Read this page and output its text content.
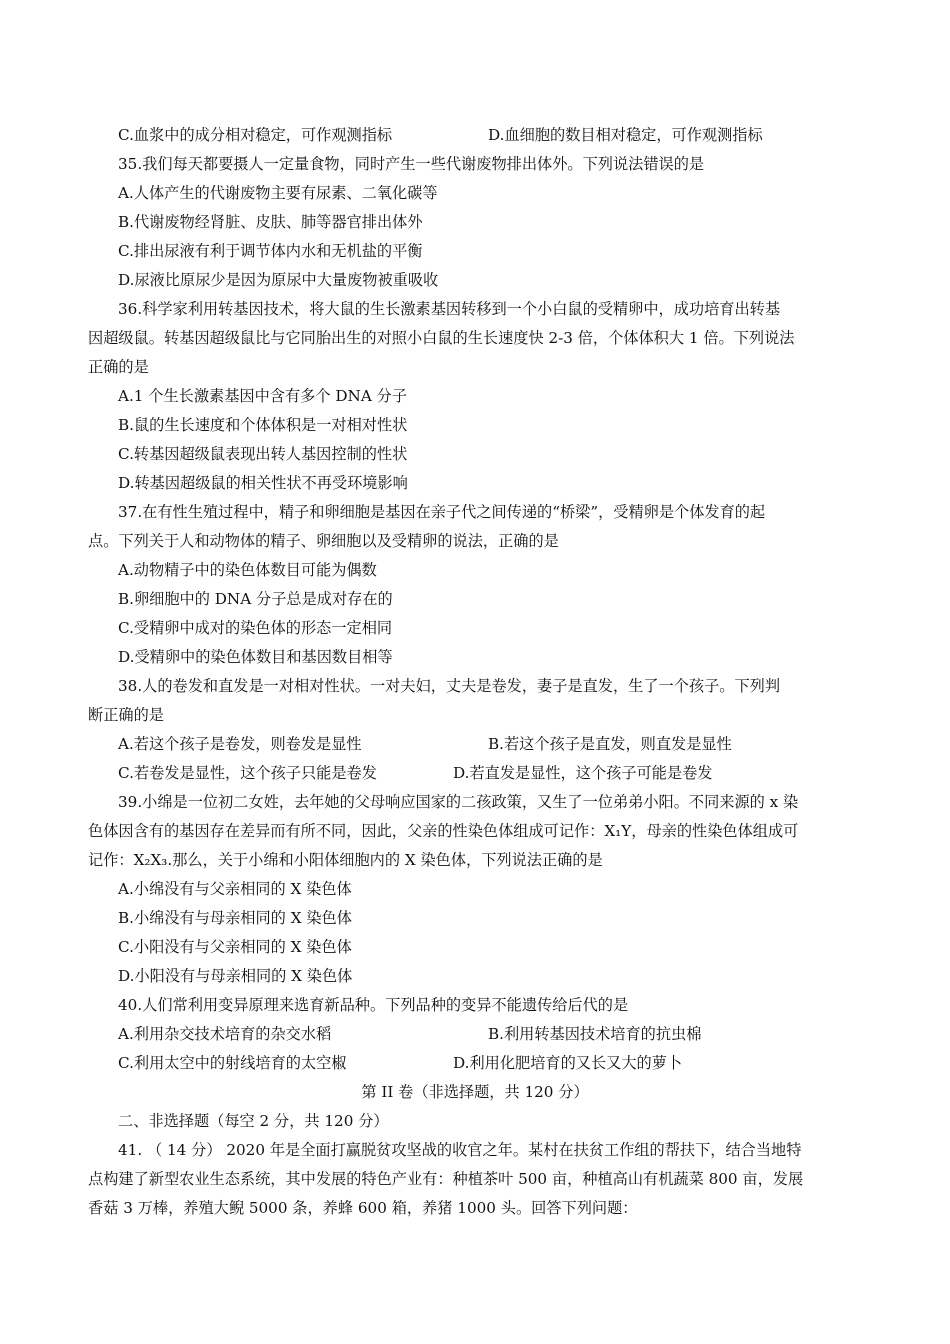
C.血浆中的成分相对稳定，可作观测指标	D.血细胞的数目相对稳定，可作观测指标
35.我们每天都要摄人一定量食物，同时产生一些代谢废物排出体外。下列说法错误的是
A.人体产生的代谢废物主要有尿素、二氧化碳等
B.代谢废物经肾脏、皮肤、肺等器官排出体外
C.排出尿液有利于调节体内水和无机盐的平衡
D.尿液比原尿少是因为原尿中大量废物被重吸收
36.科学家利用转基因技术，将大鼠的生长激素基因转移到一个小白鼠的受精卵中，成功培育出转基
因超级鼠。转基因超级鼠比与它同胎出生的对照小白鼠的生长速度快 2-3 倍，个体体积大 1 倍。下列说法
正确的是
A.1 个生长激素基因中含有多个 DNA 分子
B.鼠的生长速度和个体体积是一对相对性状
C.转基因超级鼠表现出转人基因控制的性状
D.转基因超级鼠的相关性状不再受环境影响
37.在有性生殖过程中，精子和卵细胞是基因在亲子代之间传递的“桥梁”，受精卵是个体发育的起
点。下列关于人和动物体的精子、卵细胞以及受精卵的说法，正确的是
A.动物精子中的染色体数目可能为偶数
B.卵细胞中的 DNA 分子总是成对存在的
C.受精卵中成对的染色体的形态一定相同
D.受精卵中的染色体数目和基因数目相等
38.人的卷发和直发是一对相对性状。一对夫妇，丈夫是卷发，妻子是直发，生了一个孩子。下列判
断正确的是
A.若这个孩子是卷发，则卷发是显性	B.若这个孩子是直发，则直发是显性
C.若卷发是显性，这个孩子只能是卷发	D.若直发是显性，这个孩子可能是卷发
39.小绵是一位初二女姓，去年她的父母响应国家的二孩政策，又生了一位弟弟小阳。不同来源的 x 染
色体因含有的基因存在差异而有所不同，因此，父亲的性染色体组成可记作：X₁Y，母亲的性染色体组成可
记作：X₂X₃.那么，关于小绵和小阳体细胞内的 X 染色体，下列说法正确的是
A.小绵没有与父亲相同的 X 染色体
B.小绵没有与母亲相同的 X 染色体
C.小阳没有与父亲相同的 X 染色体
D.小阳没有与母亲相同的 X 染色体
40.人们常利用变异原理来选育新品种。下列品种的变异不能遗传给后代的是
A.利用杂交技术培育的杂交水稻	B.利用转基因技术培育的抗虫棉
C.利用太空中的射线培育的太空椒	D.利用化肥培育的又长又大的萝卜
第 II 卷（非选择题，共 120 分）
二、非选择题（每空 2 分，共 120 分）
41. （ 14 分） 2020 年是全面打赢脱贫攻坚战的收官之年。某村在扶贫工作组的帮扶下，结合当地特
点构建了新型农业生态系统，其中发展的特色产业有：种植茶叶 500 亩，种植高山有机蔬菜 800 亩，发展
香菇 3 万棒，养殖大鲵 5000 条，养蜂 600 箱，养猪 1000 头。回答下列问题：
